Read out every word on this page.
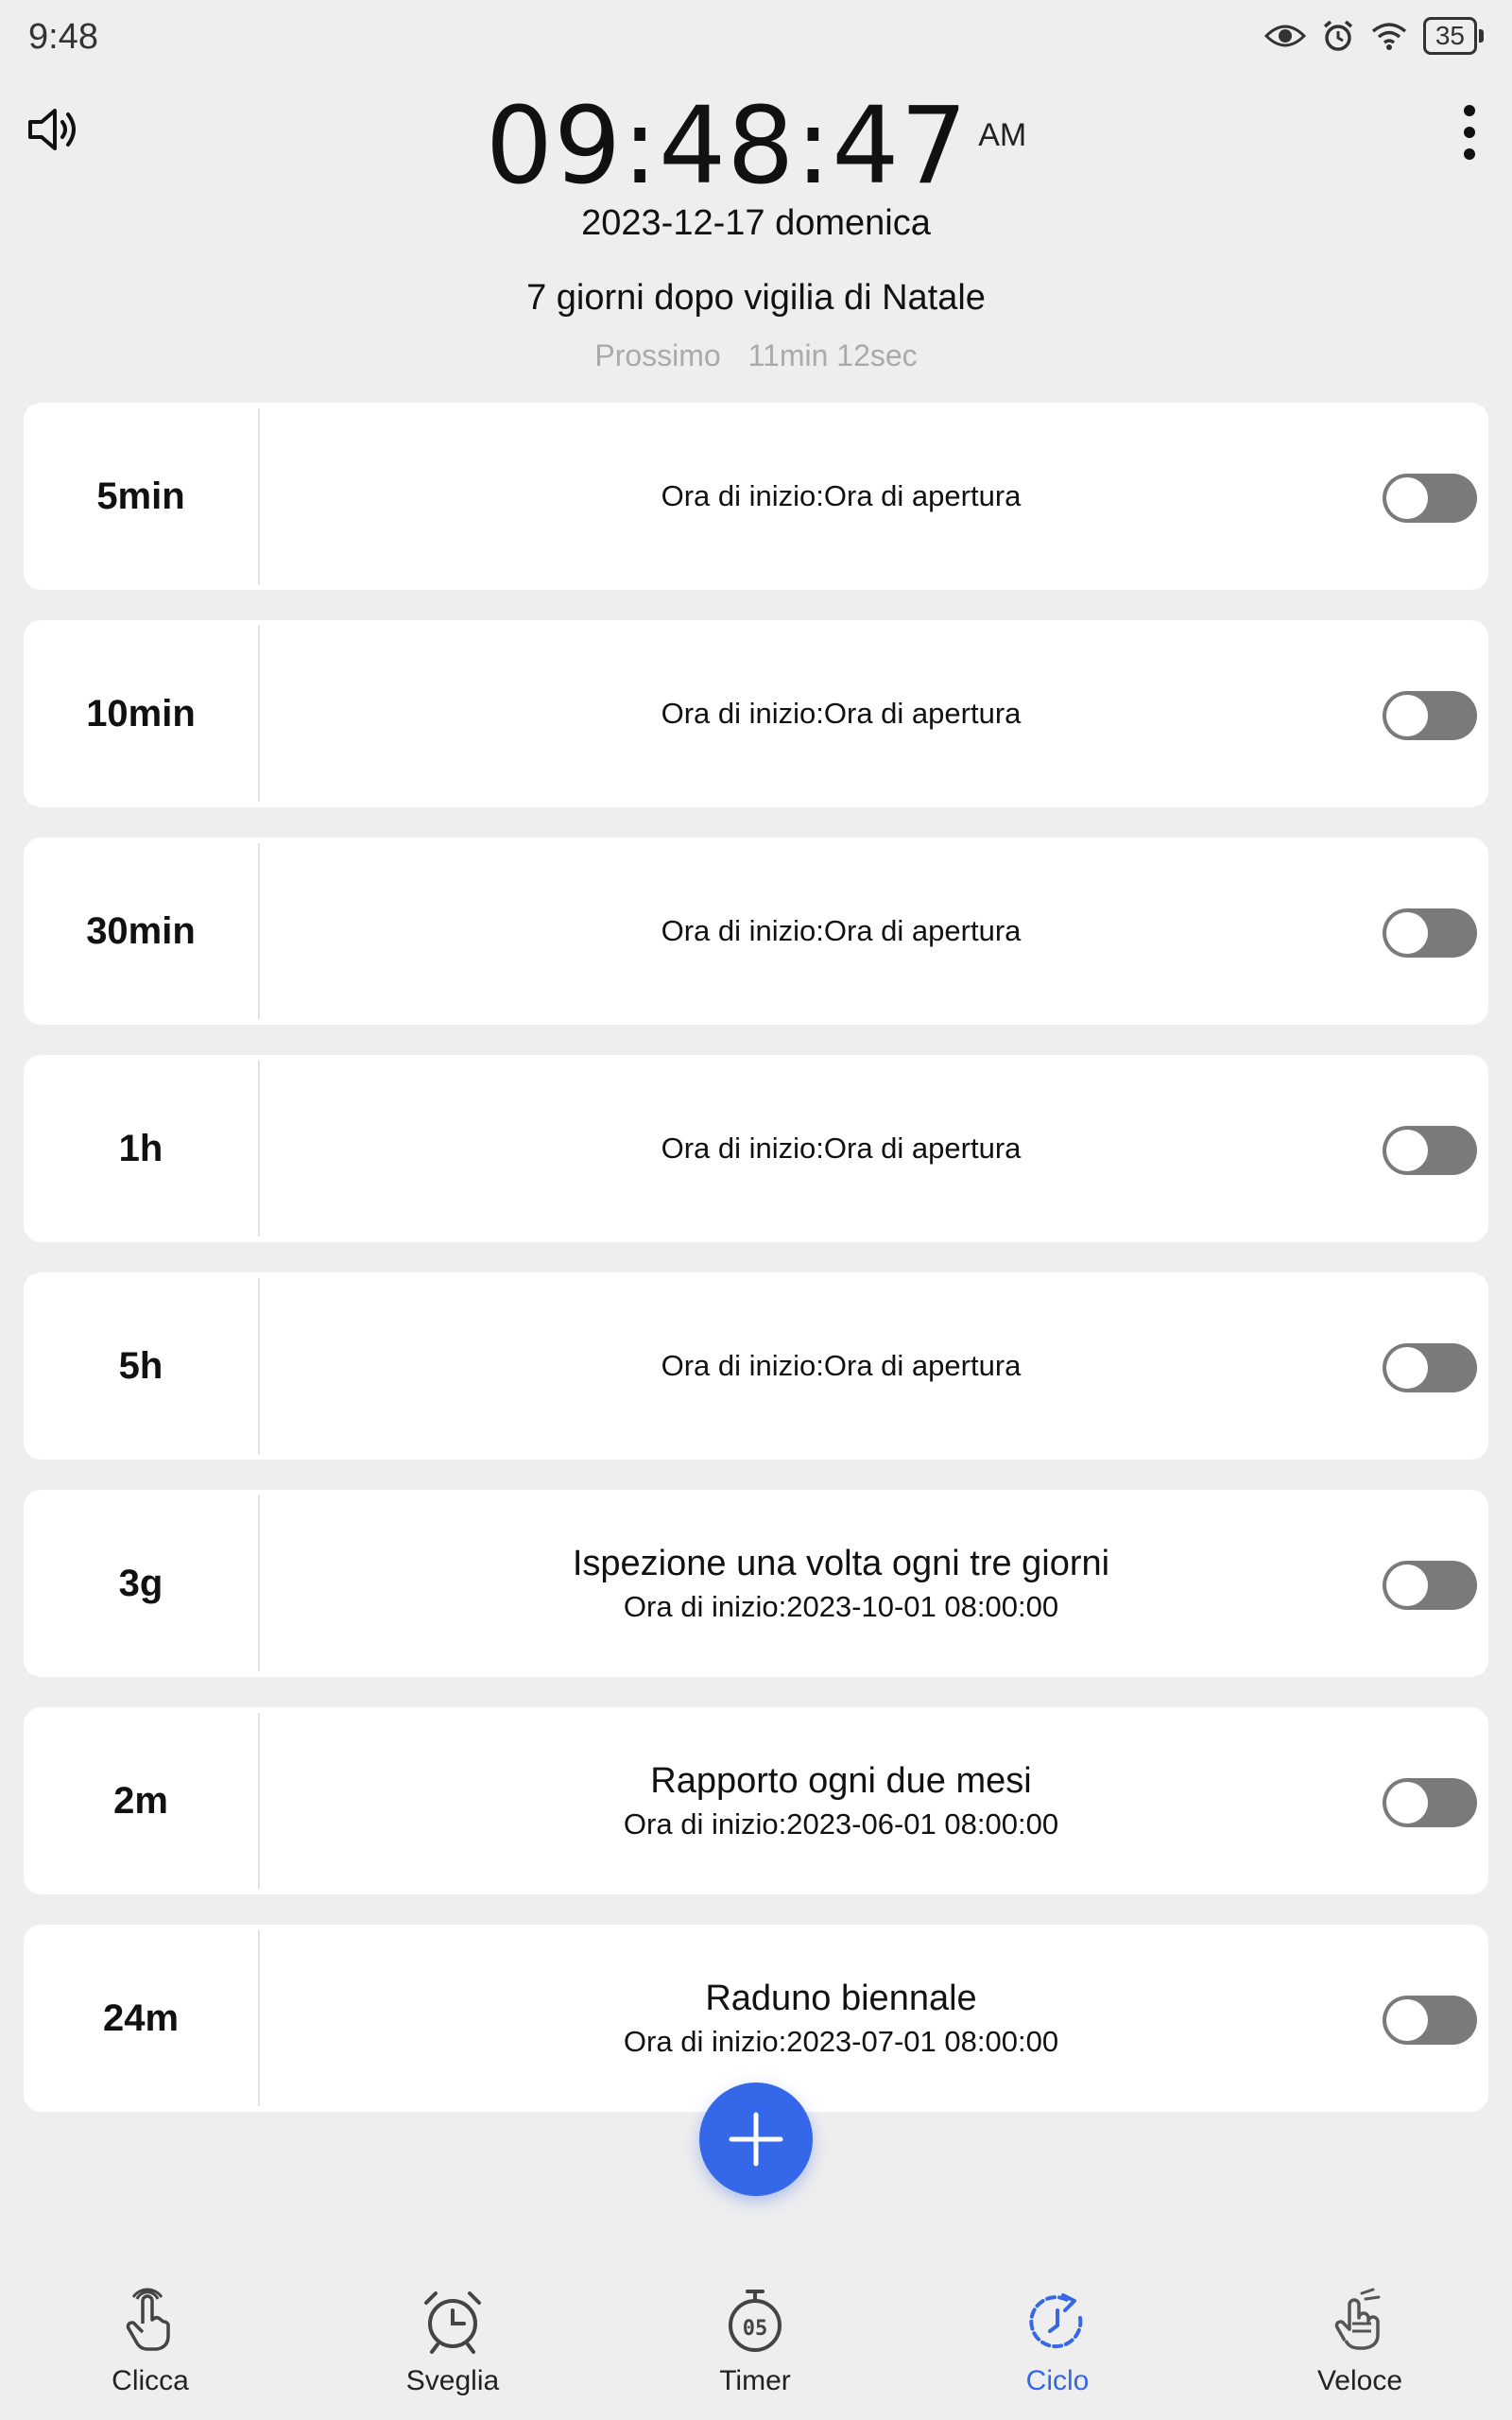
9:48	35
09:48:47 AM
2023-12-17 domenica
7 giorni dopo vigilia di Natale
Prossimo 11min 12sec
5min	Ora di inizio:Ora di apertura
10min	Ora di inizio:Ora di apertura
30min	Ora di inizio:Ora di apertura
1h	Ora di inizio:Ora di apertura
5h	Ora di inizio:Ora di apertura
3g	Ispezione una volta ogni tre giorni
Ora di inizio:2023-10-01 08:00:00
2m	Rapporto ogni due mesi
Ora di inizio:2023-06-01 08:00:00
24m	Raduno biennale
Ora di inizio:2023-07-01 08:00:00
Clicca	Sveglia
05
Timer	Ciclo	Veloce
